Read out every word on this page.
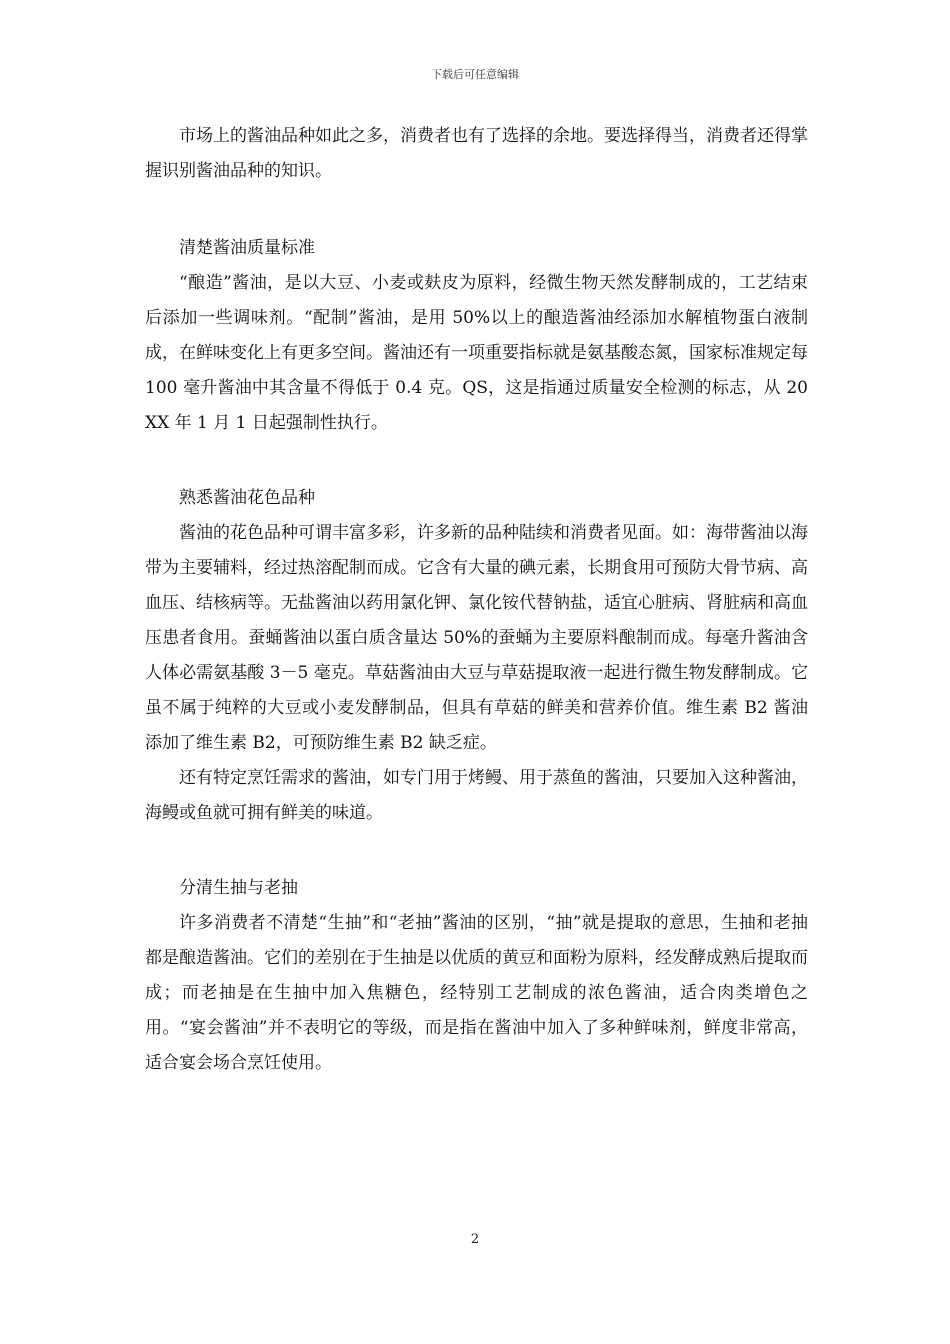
下载后可任意编辑

市场上的酱油品种如此之多，消费者也有了选择的余地。要选择得当，消费者还得掌握识别酱油品种的知识。

清楚酱油质量标准

“酿造”酱油，是以大豆、小麦或麸皮为原料，经微生物天然发酵制成的，工艺结束后添加一些调味剂。“配制”酱油，是用 50%以上的酿造酱油经添加水解植物蛋白液制成，在鲜味变化上有更多空间。酱油还有一项重要指标就是氨基酸态氮，国家标准规定每 100 毫升酱油中其含量不得低于 0.4 克。QS，这是指通过质量安全检测的标志，从 20XX 年 1 月 1 日起强制性执行。

熟悉酱油花色品种

酱油的花色品种可谓丰富多彩，许多新的品种陆续和消费者见面。如：海带酱油以海带为主要辅料，经过热溶配制而成。它含有大量的碘元素，长期食用可预防大骨节病、高血压、结核病等。无盐酱油以药用氯化钾、氯化铵代替钠盐，适宜心脏病、肾脏病和高血压患者食用。蚕蛹酱油以蛋白质含量达 50%的蚕蛹为主要原料酿制而成。每毫升酱油含人体必需氨基酸 3－5 毫克。草菇酱油由大豆与草菇提取液一起进行微生物发酵制成。它虽不属于纯粹的大豆或小麦发酵制品，但具有草菇的鲜美和营养价值。维生素 B2 酱油添加了维生素 B2，可预防维生素 B2 缺乏症。

还有特定烹饪需求的酱油，如专门用于烤鳗、用于蒸鱼的酱油，只要加入这种酱油，海鳗或鱼就可拥有鲜美的味道。

分清生抽与老抽

许多消费者不清楚“生抽”和“老抽”酱油的区别，“抽”就是提取的意思，生抽和老抽都是酿造酱油。它们的差别在于生抽是以优质的黄豆和面粉为原料，经发酵成熟后提取而成；而老抽是在生抽中加入焦糖色，经特别工艺制成的浓色酱油，适合肉类增色之用。“宴会酱油”并不表明它的等级，而是指在酱油中加入了多种鲜味剂，鲜度非常高，适合宴会场合烹饪使用。

2
